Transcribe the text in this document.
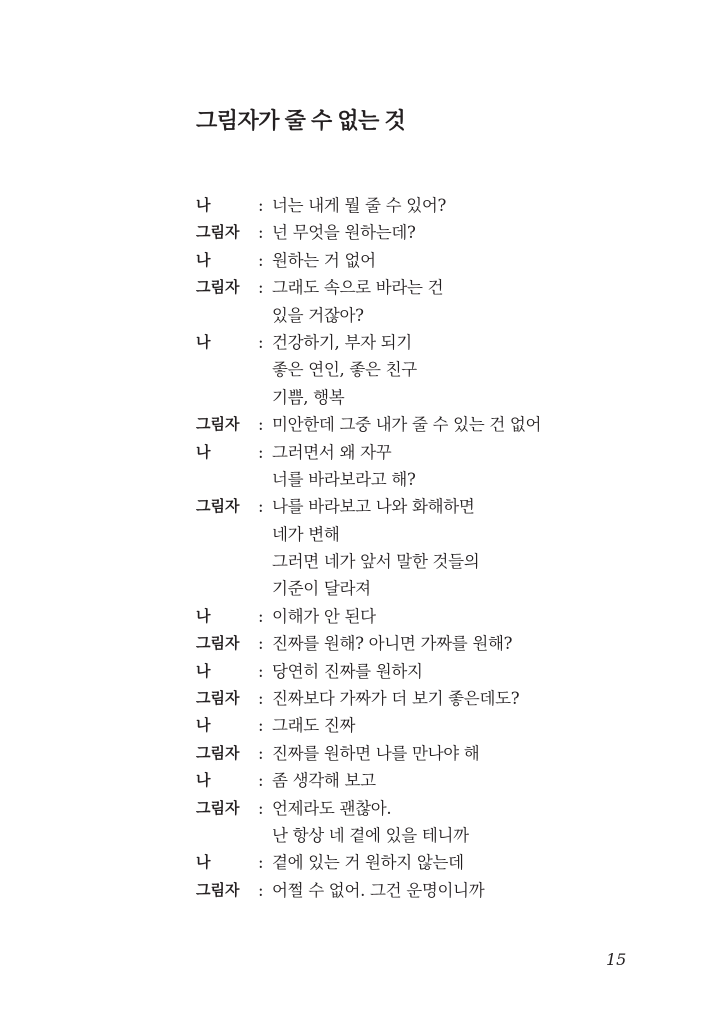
그림자가 줄 수 없는 것
나	: 너는 내게 뭘 줄 수 있어?
그림자 : 넌 무엇을 원하는데?
나	: 원하는 거 없어
그림자 : 그래도 속으로 바라는 건
있을 거잖아?
나	: 건강하기, 부자 되기
좋은 연인, 좋은 친구
기쁨, 행복
그림자 : 미안한데 그중 내가 줄 수 있는 건 없어
나	: 그러면서 왜 자꾸
너를 바라보라고 해?
그림자 : 나를 바라보고 나와 화해하면
네가 변해
그러면 네가 앞서 말한 것들의
기준이 달라져
나	: 이해가 안 된다
그림자 : 진짜를 원해? 아니면 가짜를 원해?
나	: 당연히 진짜를 원하지
그림자 : 진짜보다 가짜가 더 보기 좋은데도?
나	: 그래도 진짜
그림자 : 진짜를 원하면 나를 만나야 해
나	: 좀 생각해 보고
그림자 : 언제라도 괜찮아.
난 항상 네 곁에 있을 테니까
나	: 곁에 있는 거 원하지 않는데
그림자 : 어쩔 수 없어. 그건 운명이니까
15
